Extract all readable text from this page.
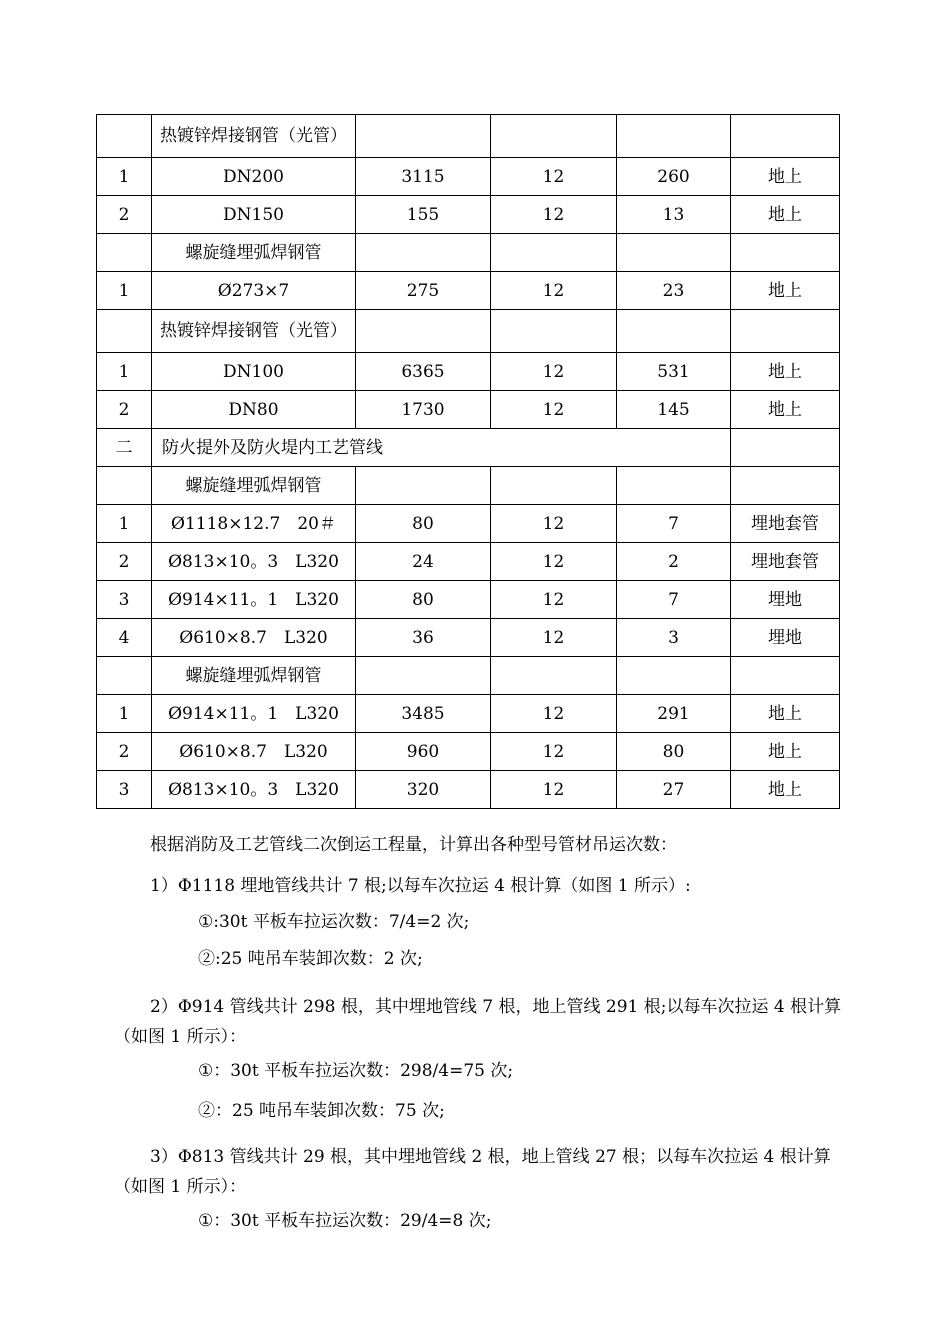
	热镀锌焊接钢管（光管）				
1	DN200	3115	12	260	地上
2	DN150	155	12	13	地上
	螺旋缝埋弧焊钢管				
1	Ø273×7	275	12	23	地上
	热镀锌焊接钢管（光管）				
1	DN100	6365	12	531	地上
2	DN80	1730	12	145	地上
二	防火提外及防火堤内工艺管线				
	螺旋缝埋弧焊钢管				
1	Ø1118×12.7　20＃	80	12	7	埋地套管
2	Ø813×10。3　L320	24	12	2	埋地套管
3	Ø914×11。1　L320	80	12	7	埋地
4	Ø610×8.7　L320	36	12	3	埋地
	螺旋缝埋弧焊钢管				
1	Ø914×11。1　L320	3485	12	291	地上
2	Ø610×8.7　L320	960	12	80	地上
3	Ø813×10。3　L320	320	12	27	地上
根据消防及工艺管线二次倒运工程量，计算出各种型号管材吊运次数：
1）Φ1118 埋地管线共计 7 根;以每车次拉运 4 根计算（如图 1 所示）:
①:30t 平板车拉运次数：7/4=2 次;
②:25 吨吊车装卸次数：2 次;
2）Φ914 管线共计 298 根，其中埋地管线 7 根，地上管线 291 根;以每车次拉运 4 根计算（如图 1 所示）：
①：30t 平板车拉运次数：298/4=75 次;
②：25 吨吊车装卸次数：75 次;
3）Φ813 管线共计 29 根，其中埋地管线 2 根，地上管线 27 根；以每车次拉运 4 根计算（如图 1 所示）：
①：30t 平板车拉运次数：29/4=8 次;
